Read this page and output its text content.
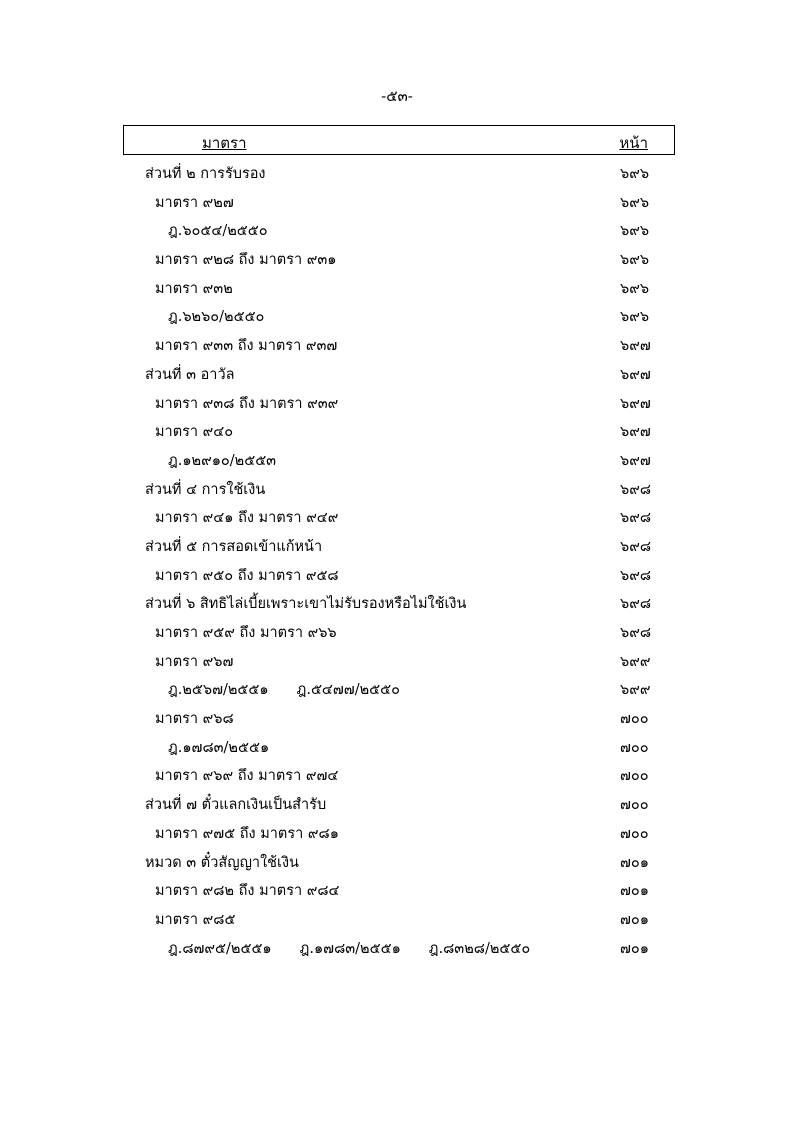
-๕๓-
มาตรา	หน้า
ส่วนที่ ๒ การรับรอง	๖๙๖
มาตรา ๙๒๗	๖๙๖
ฎ.๖๐๕๔/๒๕๕๐	๖๙๖
มาตรา ๙๒๘ ถึง มาตรา ๙๓๑	๖๙๖
มาตรา ๙๓๒	๖๙๖
ฎ.๖๒๖๐/๒๕๕๐	๖๙๖
มาตรา ๙๓๓ ถึง มาตรา ๙๓๗	๖๙๗
ส่วนที่ ๓ อาวัล	๖๙๗
มาตรา ๙๓๘ ถึง มาตรา ๙๓๙	๖๙๗
มาตรา ๙๔๐	๖๙๗
ฎ.๑๒๙๑๐/๒๕๕๓	๖๙๗
ส่วนที่ ๔ การใช้เงิน	๖๙๘
มาตรา ๙๔๑ ถึง มาตรา ๙๔๙	๖๙๘
ส่วนที่ ๕ การสอดเข้าแก้หน้า	๖๙๘
มาตรา ๙๕๐ ถึง มาตรา ๙๕๘	๖๙๘
ส่วนที่ ๖ สิทธิไล่เบี้ยเพราะเขาไม่รับรองหรือไม่ใช้เงิน	๖๙๘
มาตรา ๙๕๙ ถึง มาตรา ๙๖๖	๖๙๘
มาตรา ๙๖๗	๖๙๙
ฎ.๒๕๖๗/๒๕๕๑ ฎ.๕๔๗๗/๒๕๕๐	๖๙๙
มาตรา ๙๖๘	๗๐๐
ฎ.๑๗๘๓/๒๕๕๑	๗๐๐
มาตรา ๙๖๙ ถึง มาตรา ๙๗๔	๗๐๐
ส่วนที่ ๗ ตั๋วแลกเงินเป็นสำรับ	๗๐๐
มาตรา ๙๗๕ ถึง มาตรา ๙๘๑	๗๐๐
หมวด ๓ ตั๋วสัญญาใช้เงิน	๗๐๑
มาตรา ๙๘๒ ถึง มาตรา ๙๘๔	๗๐๑
มาตรา ๙๘๕	๗๐๑
ฎ.๘๗๙๕/๒๕๕๑ ฎ.๑๗๘๓/๒๕๕๑ ฎ.๘๓๒๘/๒๕๕๐	๗๐๑
